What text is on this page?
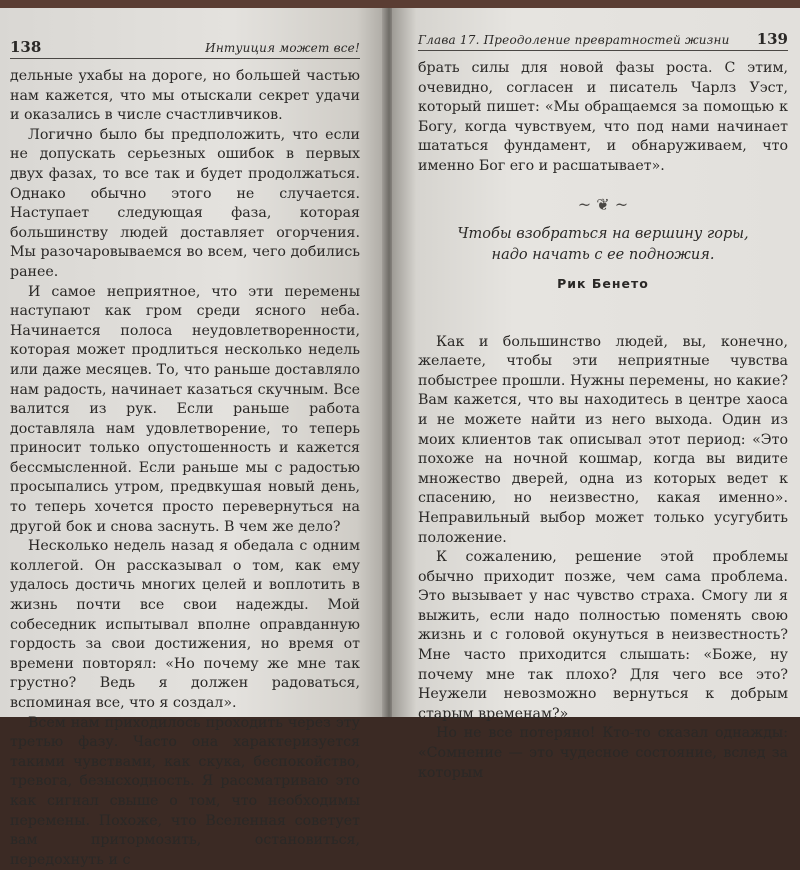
138	Интуиция может все!

дельные ухабы на дороге, но большей частью нам кажется, что мы отыскали секрет удачи и оказались в числе счастливчиков.

Логично было бы предположить, что если не допускать серьезных ошибок в первых двух фазах, то все так и будет продолжаться. Однако обычно этого не случается. Наступает следующая фаза, которая большинству людей доставляет огорчения. Мы разочаровываемся во всем, чего добились ранее.

И самое неприятное, что эти перемены наступают как гром среди ясного неба. Начинается полоса неудовлетворенности, которая может продлиться несколько недель или даже месяцев. То, что раньше доставляло нам радость, начинает казаться скучным. Все валится из рук. Если раньше работа доставляла нам удовлетворение, то теперь приносит только опустошенность и кажется бессмысленной. Если раньше мы с радостью просыпались утром, предвкушая новый день, то теперь хочется просто перевернуться на другой бок и снова заснуть. В чем же дело?

Несколько недель назад я обедала с одним коллегой. Он рассказывал о том, как ему удалось достичь многих целей и воплотить в жизнь почти все свои надежды. Мой собеседник испытывал вполне оправданную гордость за свои достижения, но время от времени повторял: «Но почему же мне так грустно? Ведь я должен радоваться, вспоминая все, что я создал».

Всем нам приходилось проходить через эту третью фазу. Часто она характеризуется такими чувствами, как скука, беспокойство, тревога, безысходность. Я рассматриваю это как сигнал свыше о том, что необходимы перемены. Похоже, что Вселенная советует вам притормозить, остановиться, передохнуть и с

Глава 17. Преодоление превратностей жизни 139

брать силы для новой фазы роста. С этим, очевидно, согласен и писатель Чарлз Уэст, который пишет: «Мы обращаемся за помощью к Богу, когда чувствуем, что под нами начинает шататься фундамент, и обнаруживаем, что именно Бог его и расшатывает».

~ ❦ ~
Чтобы взобраться на вершину горы,
надо начать с ее подножия.
Рик Бенето

Как и большинство людей, вы, конечно, желаете, чтобы эти неприятные чувства побыстрее прошли. Нужны перемены, но какие? Вам кажется, что вы находитесь в центре хаоса и не можете найти из него выхода. Один из моих клиентов так описывал этот период: «Это похоже на ночной кошмар, когда вы видите множество дверей, одна из которых ведет к спасению, но неизвестно, какая именно». Неправильный выбор может только усугубить положение.

К сожалению, решение этой проблемы обычно приходит позже, чем сама проблема. Это вызывает у нас чувство страха. Смогу ли я выжить, если надо полностью поменять свою жизнь и с головой окунуться в неизвестность? Мне часто приходится слышать: «Боже, ну почему мне так плохо? Для чего все это? Неужели невозможно вернуться к добрым старым временам?»

Но не все потеряно! Кто-то сказал однажды: «Сомнение — это чудесное состояние, вслед за которым
